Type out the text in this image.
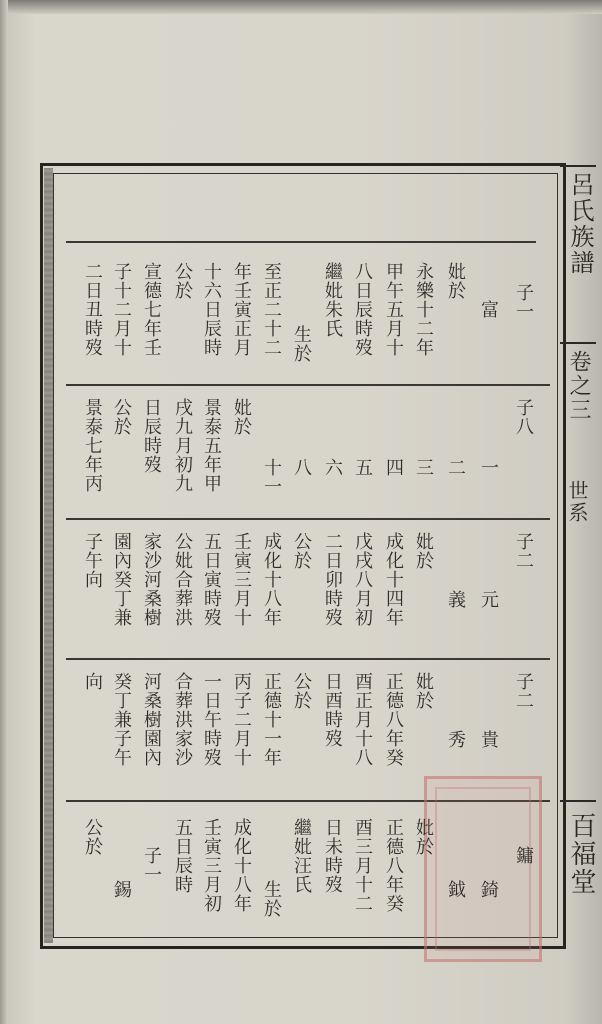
呂氏族譜
卷之三
世系
百福堂
子一
富
妣於
永樂十二年
甲午五月十
八日辰時歿
繼妣朱氏
生於
至正二十二
年壬寅正月
十六日辰時
公於
宣德七年壬
子十二月十
二日丑時歿
子八
一
二
三
四
五
六
八
十一
妣於
景泰五年甲
戌九月初九
日辰時歿
公於
景泰七年丙
子二
元
義
妣於
成化十四年
戊戌八月初
二日卯時歿
公於
成化十八年
壬寅三月十
五日寅時歿
公妣合葬洪
家沙河桑樹
園內癸丁兼
子午向
子二
貴
秀
妣於
正德八年癸
酉正月十八
日酉時歿
公於
正德十一年
丙子二月十
一日午時歿
合葬洪家沙
河桑樹園內
癸丁兼子午
向
鏞
錡
鉞
妣於
正德八年癸
酉三月十二
日未時歿
繼妣汪氏
生於
成化十八年
壬寅三月初
五日辰時
子一
錫
公於
